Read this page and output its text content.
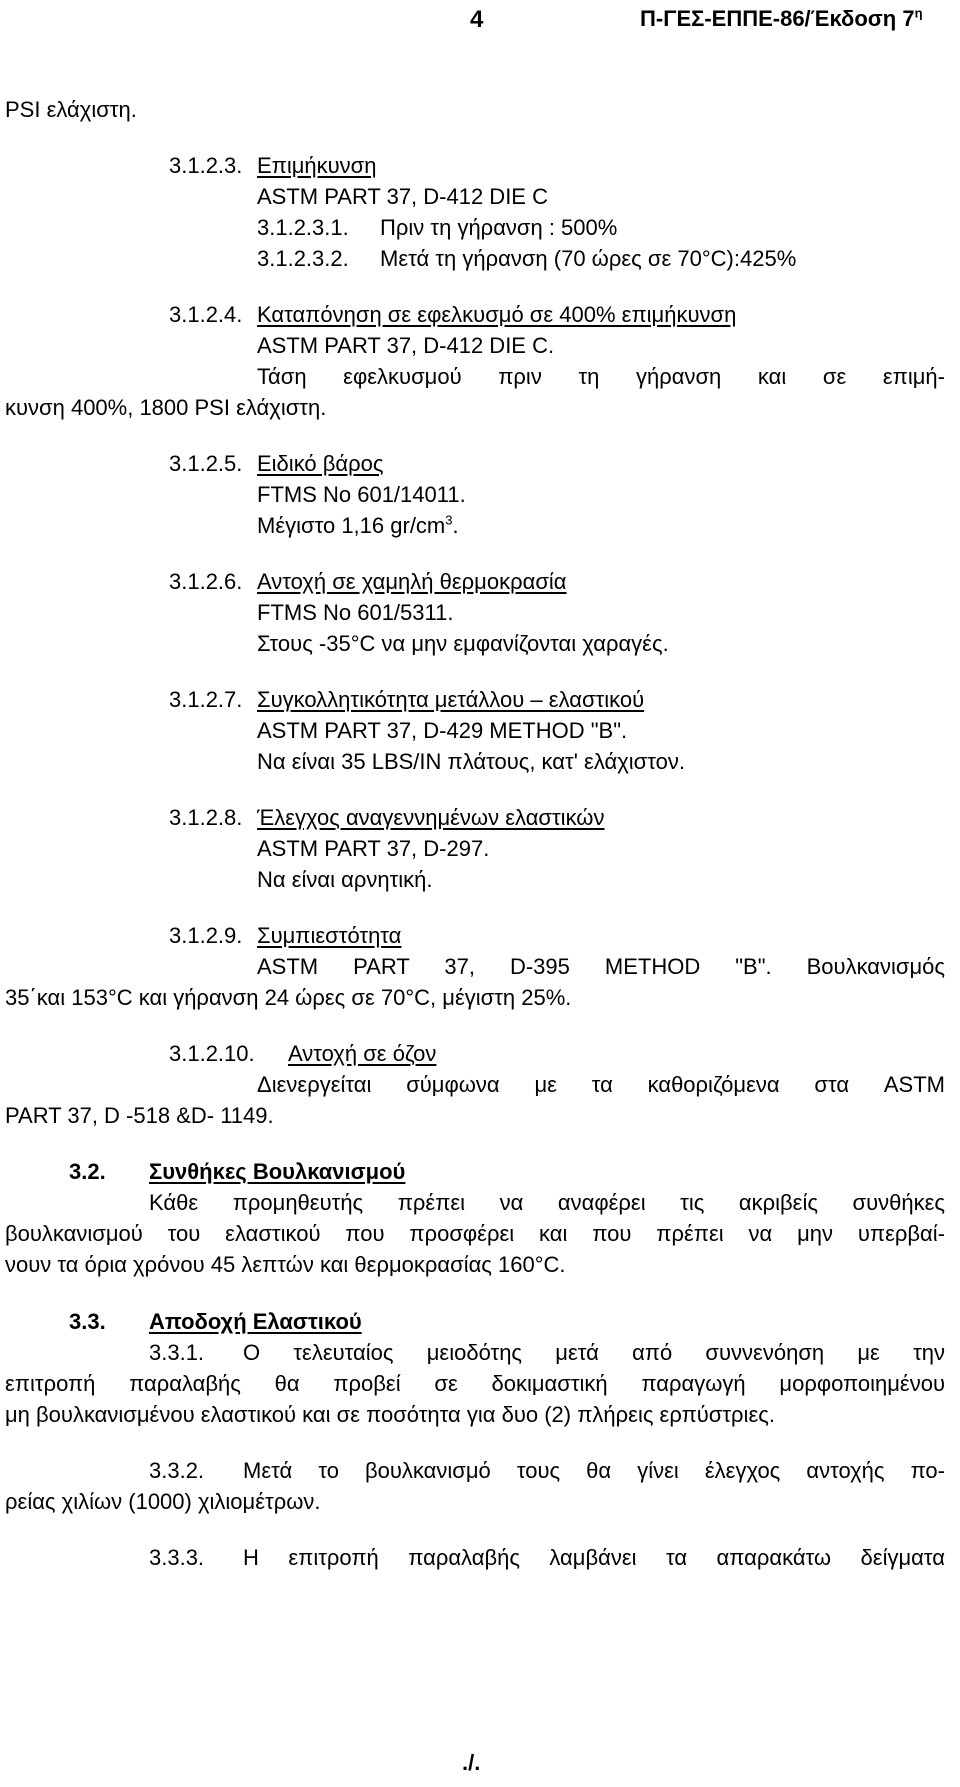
4	Π-ΓΕΣ-ΕΠΠΕ-86/Έκδοση $7^\eta$
PSI ελάχιστη.
3.1.2.3. Επιμήκυνση
ASTM PART 37, D-412 DIE C
3.1.2.3.1. Πριν τη γήρανση : 500%
3.1.2.3.2. Μετά τη γήρανση (70 ώρες σε 70°C):425%
3.1.2.4. Καταπόνηση σε εφελκυσμό σε 400% επιμήκυνση
ASTM PART 37, D-412 DIE C.
Τάση εφελκυσμού πριν τη γήρανση και σε επιμή-
κυνση 400%, 1800 PSI ελάχιστη.
3.1.2.5. Ειδικό βάρος
FTMS No 601/14011.
Μέγιστο 1,16 $gr/cm^3$.
3.1.2.6. Αντοχή σε χαμηλή θερμοκρασία
FTMS No 601/5311.
Στους -35°C να μην εμφανίζονται χαραγές.
3.1.2.7. Συγκολλητικότητα μετάλλου – ελαστικού
ASTM PART 37, D-429 METHOD "B".
Να είναι 35 LBS/IN πλάτους, κατ' ελάχιστον.
3.1.2.8. Έλεγχος αναγεννημένων ελαστικών
ASTM PART 37, D-297.
Να είναι αρνητική.
3.1.2.9. Συμπιεστότητα
ASTM PART 37, D-395 METHOD "B". Βουλκανισμός
35΄και 153°C και γήρανση 24 ώρες σε 70°C, μέγιστη 25%.
3.1.2.10. Αντοχή σε όζον
Διενεργείται σύμφωνα με τα καθοριζόμενα στα ASTM
PART 37, D -518 &D- 1149.
3.2. Συνθήκες Βουλκανισμού
Κάθε προμηθευτής πρέπει να αναφέρει τις ακριβείς συνθήκες
βουλκανισμού του ελαστικού που προσφέρει και που πρέπει να μην υπερβαί-
νουν τα όρια χρόνου 45 λεπτών και θερμοκρασίας 160°C.
3.3. Αποδοχή Ελαστικού
3.3.1. Ο τελευταίος μειοδότης μετά από συννενόηση με την
επιτροπή παραλαβής θα προβεί σε δοκιμαστική παραγωγή μορφοποιημένου
μη βουλκανισμένου ελαστικού και σε ποσότητα για δυο (2) πλήρεις ερπύστριες.
3.3.2. Μετά το βουλκανισμό τους θα γίνει έλεγχος αντοχής πο-
ρείας χιλίων (1000) χιλιομέτρων.
3.3.3. Η επιτροπή παραλαβής λαμβάνει τα απαρακάτω δείγματα
./.
